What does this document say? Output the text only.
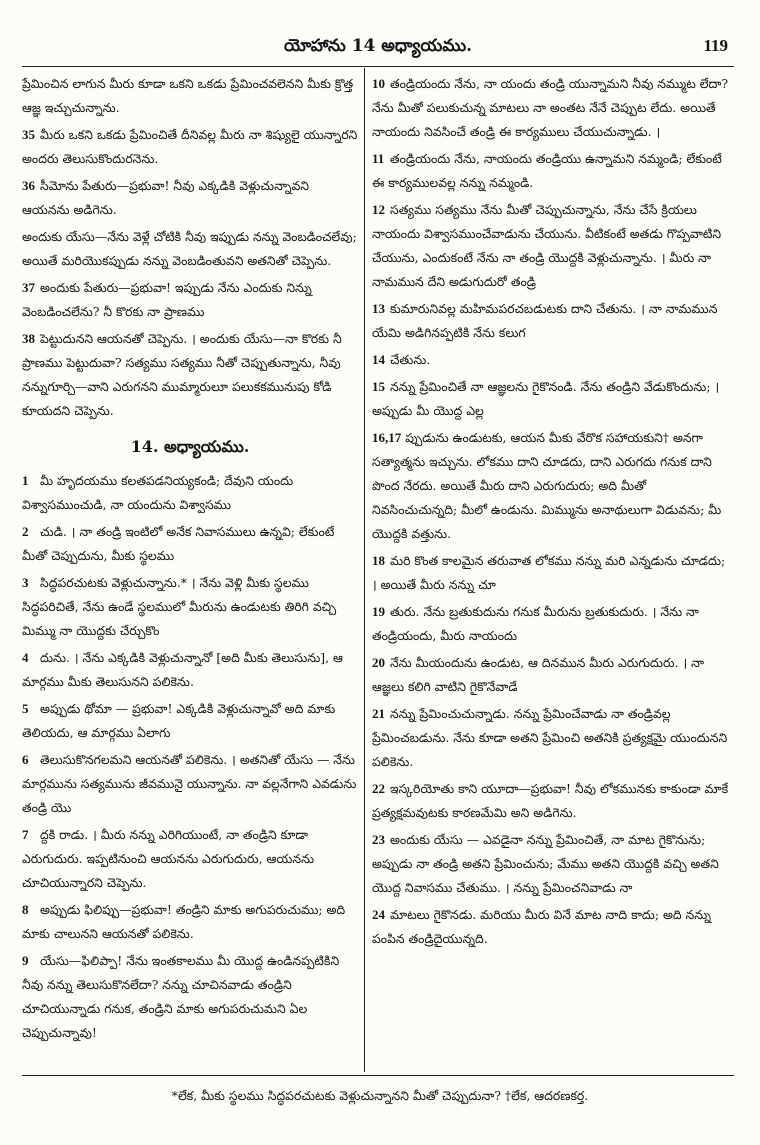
యోహాను 14 అధ్యాయము.	119

ప్రేమించిన లాగున మీరు కూడా ఒకని ఒకడు ప్రేమించవలెనని మీకు క్రొత్త ఆజ్ఞ ఇచ్చుచున్నాను.

35 మీరు ఒకని ఒకడు ప్రేమించితే దీనివల్ల మీరు నా శిష్యులై యున్నారని అందరు తెలుసుకొందురనెను.

36 సీమోను పేతురు—ప్రభువా! నీవు ఎక్కడికి వెళ్లుచున్నావని ఆయనను అడిగెను.

అందుకు యేసు—నేను వెళ్లే చోటికి నీవు ఇప్పుడు నన్ను వెంబడించలేవు; అయితే మరియొకప్పుడు నన్ను వెంబడింతువని అతనితో చెప్పెను.

37 అందుకు పేతురు—ప్రభువా! ఇప్పుడు నేను ఎందుకు నిన్ను వెంబడించలేను? నీ కొరకు నా ప్రాణము

38 పెట్టుదునని ఆయనతో చెప్పెను. । అందుకు యేసు—నా కొరకు నీ ప్రాణము పెట్టుదువా? సత్యము సత్యము నీతో చెప్పుతున్నాను, నీవు నన్నుగూర్చి—వాని ఎరుగనని ముమ్మారులూ పలుకకమునుపు కోడి కూయదని చెప్పెను.

14. అధ్యాయము.

1 మీ హృదయము కలతపడనియ్యకండి; దేవుని యందు విశ్వాసముంచుడి, నా యందును విశ్వాసము

2 చుడి. । నా తండ్రి ఇంటిలో అనేక నివాసములు ఉన్నవి; లేకుంటే మీతో చెప్పుదును, మీకు స్థలము

3 సిద్ధపరచుటకు వెళ్లుచున్నాను.* । నేను వెళ్లి మీకు స్థలము సిద్ధపరిచితే, నేను ఉండే స్థలములో మీరును ఉండుటకు తిరిగి వచ్చి మిమ్ము నా యొద్దకు చేర్చుకొం

4 దును. । నేను ఎక్కడికి వెళ్లుచున్నానో [అది మీకు తెలుసును], ఆ మార్గము మీకు తెలుసునని పలికెను.

5 అప్పుడు థోమా — ప్రభువా! ఎక్కడికి వెళ్లుచున్నావో అది మాకు తెలియదు, ఆ మార్గము ఏలాగు

6 తెలుసుకొనగలమని ఆయనతో పలికెను. । అతనితో యేసు — నేను మార్గమును సత్యమును జీవమునై యున్నాను. నా వల్లనేగాని ఎవడును తండ్రి యొ

7 ద్దకి రాడు. । మీరు నన్ను ఎరిగియుంటే, నా తండ్రిని కూడా ఎరుగుదురు. ఇప్పటినుంచి ఆయనను ఎరుగుదురు, ఆయనను చూచియున్నారని చెప్పెను.

8 అప్పుడు ఫిలిప్పు—ప్రభువా! తండ్రిని మాకు అగుపరుచుము; అది మాకు చాలునని ఆయనతో పలికెను.

9 యేసు—ఫిలిప్పా! నేను ఇంతకాలము మీ యొద్ద ఉండినప్పటికిని నీవు నన్ను తెలుసుకొనలేదా? నన్ను చూచినవాడు తండ్రిని చూచియున్నాడు గనుక, తండ్రిని మాకు అగుపరుచుమని ఏల చెప్పుచున్నావు!

10 తండ్రియందు నేను, నా యందు తండ్రి యున్నామని నీవు నమ్ముట లేదా? నేను మీతో పలుకుచున్న మాటలు నా అంతట నేనే చెప్పుట లేదు. అయితే నాయందు నివసించే తండ్రి ఈ కార్యములు చేయుచున్నాడు. ।

11 తండ్రియందు నేను, నాయందు తండ్రియు ఉన్నామని నమ్మండి; లేకుంటే ఈ కార్యములవల్ల నన్ను నమ్మండి.

12 సత్యము సత్యము నేను మీతో చెప్పుచున్నాను, నేను చేసే క్రియలు నాయందు విశ్వాసముంచేవాడును చేయును. వీటికంటే అతడు గొప్పవాటిని చేయును, ఎందుకంటే నేను నా తండ్రి యొద్దకి వెళ్లుచున్నాను. । మీరు నా నామమున దేని అడుగుదురో తండ్రి

13 కుమారునివల్ల మహిమపరచబడుటకు దాని చేతును. । నా నామమున యేమి అడిగినప్పటికి నేను కలుగ

14 చేతును.

15 నన్ను ప్రేమించితే నా ఆజ్ఞలను గైకొనండి. నేను తండ్రిని వేడుకొందును; । అప్పుడు మీ యొద్ద ఎల్ల

16,17 ప్పుడును ఉండుటకు, ఆయన మీకు వేరొక సహాయకుని† అనగా సత్యాత్మను ఇచ్చును. లోకము దాని చూడదు, దాని ఎరుగదు గనుక దాని పొంద నేరదు. అయితే మీరు దాని ఎరుగుదురు; అది మీతో నివసించుచున్నది; మీలో ఉండును. మిమ్మును అనాథులుగా విడువను; మీ యొద్దకి వత్తును.

18 మరి కొంత కాలమైన తరువాత లోకము నన్ను మరి ఎన్నడును చూడదు; । అయితే మీరు నన్ను చూ

19 తురు. నేను బ్రతుకుదును గనుక మీరును బ్రతుకుదురు. । నేను నా తండ్రియందు, మీరు నాయందు

20 నేను మీయందును ఉండుట, ఆ దినమున మీరు ఎరుగుదురు. । నా ఆజ్ఞలు కలిగి వాటిని గైకొనేవాడే

21 నన్ను ప్రేమించుచున్నాడు. నన్ను ప్రేమించేవాడు నా తండ్రివల్ల ప్రేమించబడును. నేను కూడా అతని ప్రేమించి అతనికి ప్రత్యక్షమై యుందునని పలికెను.

22 ఇస్కరియోతు కాని యూదా—ప్రభువా! నీవు లోకమునకు కాకుండా మాకే ప్రత్యక్షమవుటకు కారణమేమి అని అడిగెను.

23 అందుకు యేసు — ఎవడైనా నన్ను ప్రేమించితే, నా మాట గైకొనును; అప్పుడు నా తండ్రి అతని ప్రేమించును; మేము అతని యొద్దకి వచ్చి అతని యొద్ద నివాసము చేతుము. । నన్ను ప్రేమించనివాడు నా

24 మాటలు గైకొనడు. మరియు మీరు వినే మాట నాది కాదు; అది నన్ను పంపిన తండ్రిదైయున్నది.

*లేక, మీకు స్థలము సిద్ధపరచుటకు వెళ్లుచున్నానని మీతో చెప్పుదునా? †లేక, ఆదరణకర్త.
